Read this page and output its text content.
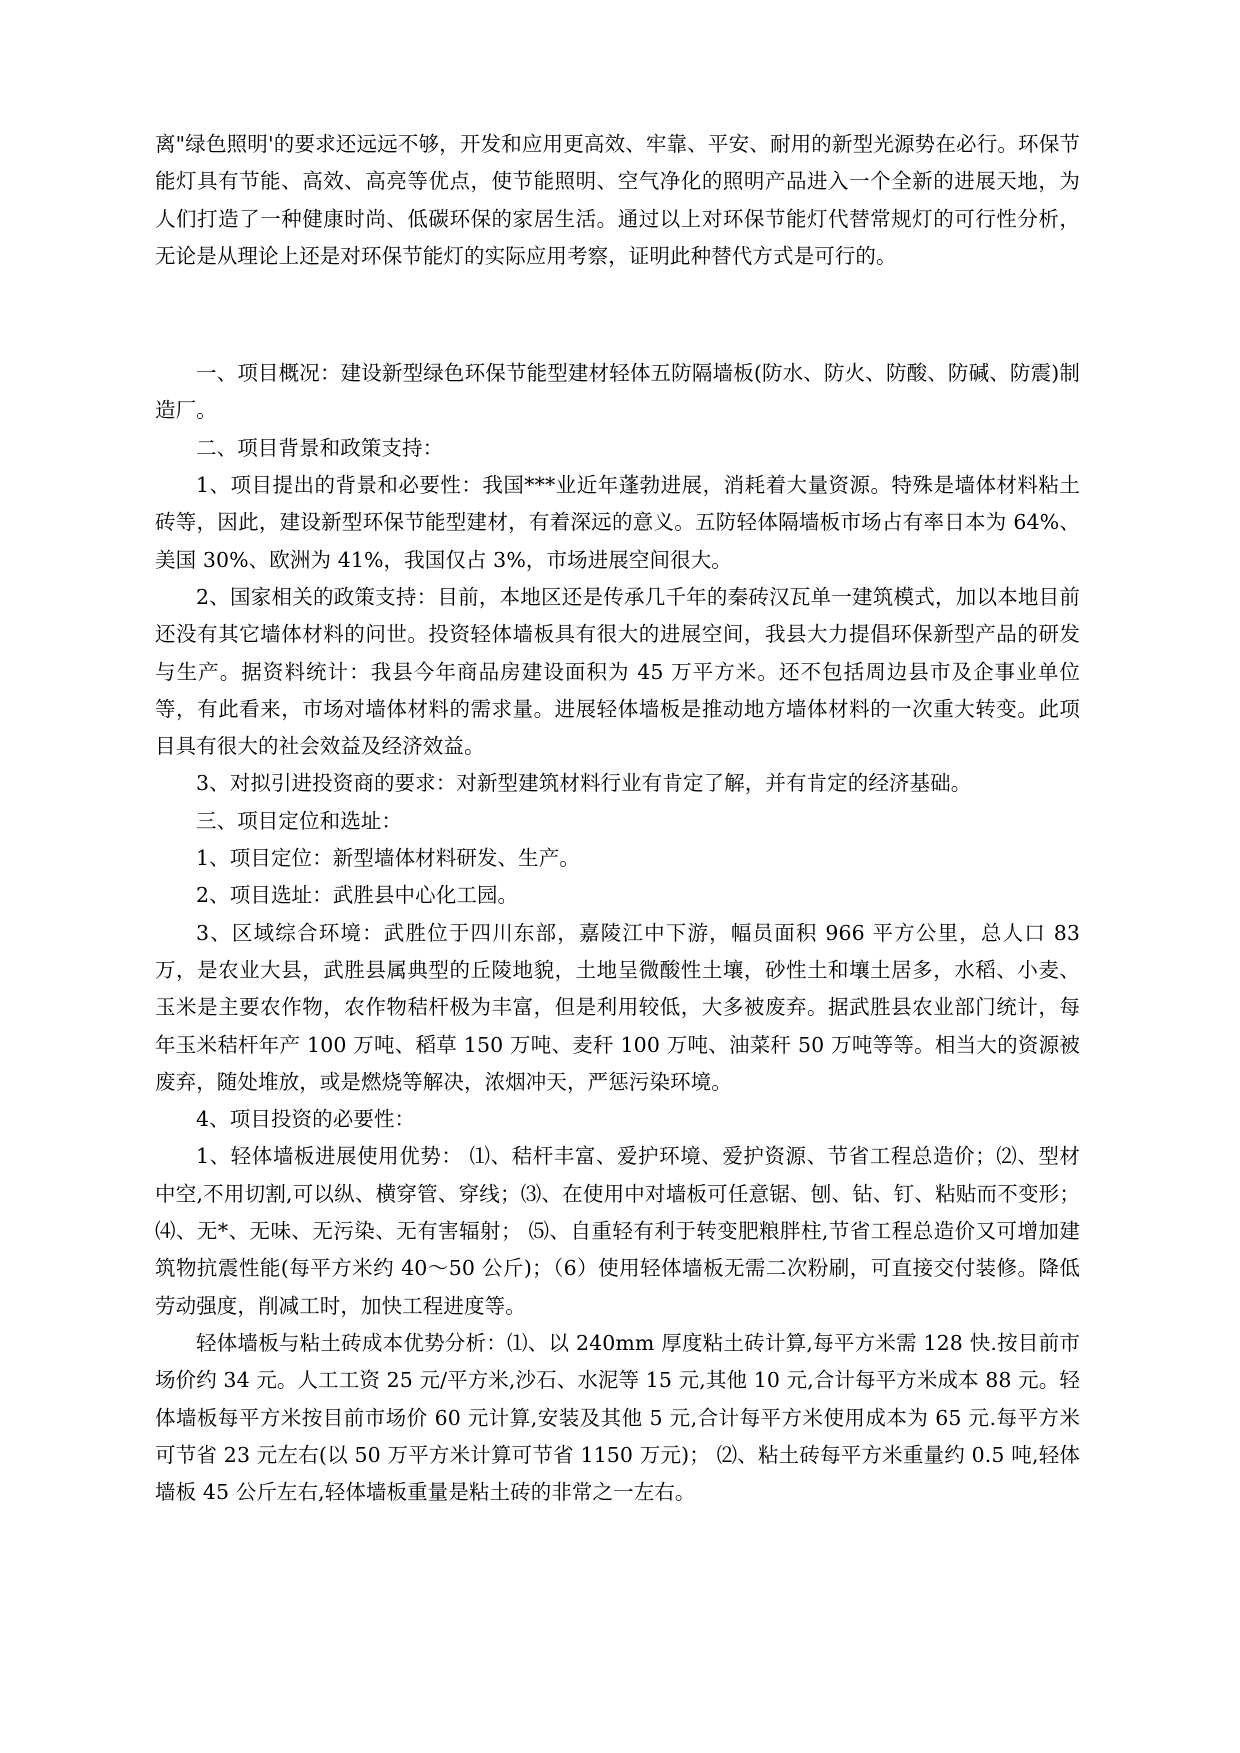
离"绿色照明'的要求还远远不够，开发和应用更高效、牢靠、平安、耐用的新型光源势在必行。环保节能灯具有节能、高效、高亮等优点，使节能照明、空气净化的照明产品进入一个全新的进展天地，为人们打造了一种健康时尚、低碳环保的家居生活。通过以上对环保节能灯代替常规灯的可行性分析，无论是从理论上还是对环保节能灯的实际应用考察，证明此种替代方式是可行的。

一、项目概况：建设新型绿色环保节能型建材轻体五防隔墙板(防水、防火、防酸、防碱、防震)制造厂。

二、项目背景和政策支持：

1、项目提出的背景和必要性：我国***业近年蓬勃进展，消耗着大量资源。特殊是墙体材料粘土砖等，因此，建设新型环保节能型建材，有着深远的意义。五防轻体隔墙板市场占有率日本为 64%、美国 30%、欧洲为 41%，我国仅占 3%，市场进展空间很大。

2、国家相关的政策支持：目前，本地区还是传承几千年的秦砖汉瓦单一建筑模式，加以本地目前还没有其它墙体材料的问世。投资轻体墙板具有很大的进展空间，我县大力提倡环保新型产品的研发与生产。据资料统计：我县今年商品房建设面积为 45 万平方米。还不包括周边县市及企事业单位等，有此看来，市场对墙体材料的需求量。进展轻体墙板是推动地方墙体材料的一次重大转变。此项目具有很大的社会效益及经济效益。

3、对拟引进投资商的要求：对新型建筑材料行业有肯定了解，并有肯定的经济基础。

三、项目定位和选址：

1、项目定位：新型墙体材料研发、生产。

2、项目选址：武胜县中心化工园。

3、区域综合环境：武胜位于四川东部，嘉陵江中下游，幅员面积 966 平方公里，总人口 83 万，是农业大县，武胜县属典型的丘陵地貌，土地呈微酸性土壤，砂性土和壤土居多，水稻、小麦、玉米是主要农作物，农作物秸杆极为丰富，但是利用较低，大多被废弃。据武胜县农业部门统计，每年玉米秸杆年产 100 万吨、稻草 150 万吨、麦秆 100 万吨、油菜秆 50 万吨等等。相当大的资源被废弃，随处堆放，或是燃烧等解决，浓烟冲天，严惩污染环境。

4、项目投资的必要性：

1、轻体墙板进展使用优势： ⑴、秸杆丰富、爱护环境、爱护资源、节省工程总造价；⑵、型材中空,不用切割,可以纵、横穿管、穿线；⑶、在使用中对墙板可任意锯、刨、钻、钉、粘贴而不变形；⑷、无*、无味、无污染、无有害辐射； ⑸、自重轻有利于转变肥粮胖柱,节省工程总造价又可增加建筑物抗震性能(每平方米约 40～50 公斤)；（6）使用轻体墙板无需二次粉刷，可直接交付装修。降低劳动强度，削减工时，加快工程进度等。

轻体墙板与粘土砖成本优势分析：⑴、以 240mm 厚度粘土砖计算,每平方米需 128 快.按目前市场价约 34 元。人工工资 25 元/平方米,沙石、水泥等 15 元,其他 10 元,合计每平方米成本 88 元。轻体墙板每平方米按目前市场价 60 元计算,安装及其他 5 元,合计每平方米使用成本为 65 元.每平方米可节省 23 元左右(以 50 万平方米计算可节省 1150 万元)； ⑵、粘土砖每平方米重量约 0.5 吨,轻体墙板 45 公斤左右,轻体墙板重量是粘土砖的非常之一左右。
